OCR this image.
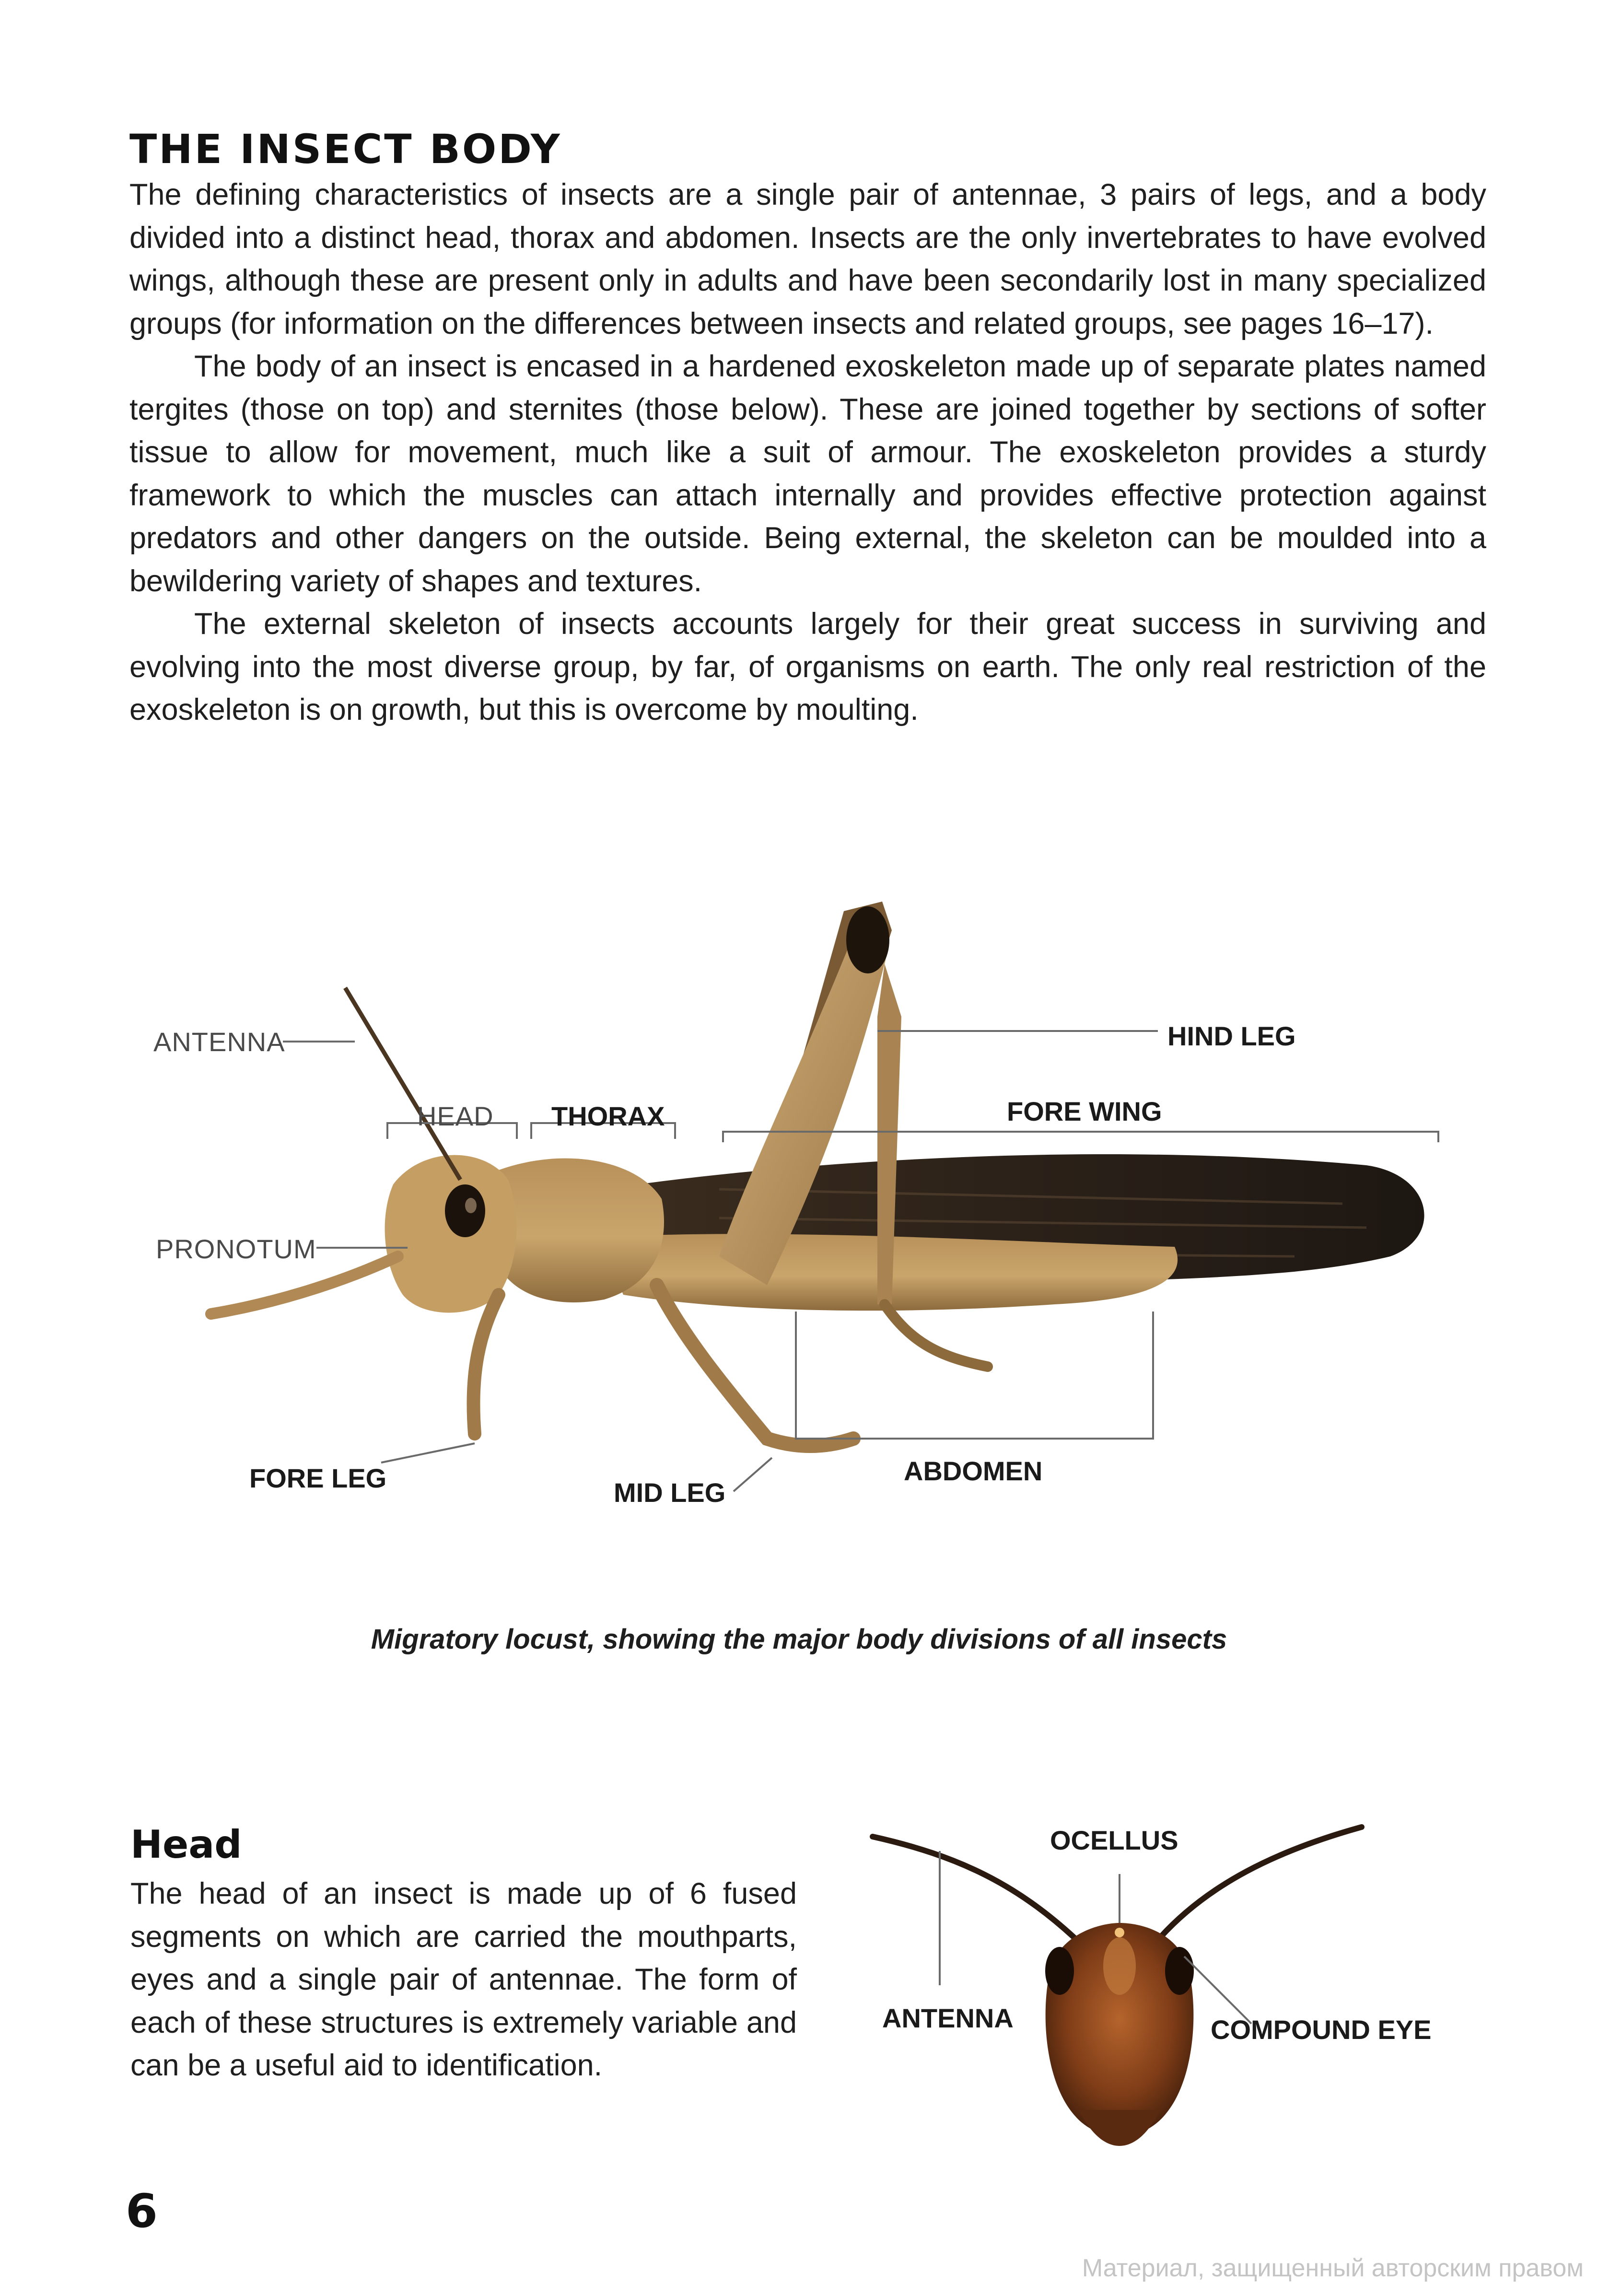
THE INSECT BODY

The defining characteristics of insects are a single pair of antennae, 3 pairs of legs, and a body divided into a distinct head, thorax and abdomen. Insects are the only invertebrates to have evolved wings, although these are present only in adults and have been secondarily lost in many specialized groups (for information on the differences between insects and related groups, see pages 16–17).

The body of an insect is encased in a hardened exoskeleton made up of separate plates named tergites (those on top) and sternites (those below). These are joined together by sections of softer tissue to allow for movement, much like a suit of armour. The exoskeleton provides a sturdy framework to which the muscles can attach internally and provides effective protection against predators and other dangers on the outside. Being external, the skeleton can be moulded into a bewildering variety of shapes and textures.

The external skeleton of insects accounts largely for their great success in surviving and evolving into the most diverse group, by far, of organisms on earth. The only real restriction of the exoskeleton is on growth, but this is overcome by moulting.

ANTENNA
HEAD THORAX
HIND LEG
FORE WING
PRONOTUM
FORE LEG	MID LEG
ABDOMEN
Migratory locust, showing the major body divisions of all insects
Head

The head of an insect is made up of 6 fused segments on which are carried the mouthparts, eyes and a single pair of antennae. The form of each of these structures is extremely variable and can be a useful aid to identification.

OCELLUS
ANTENNA	COMPOUND EYE
6
Материал, защищенный авторским правом
